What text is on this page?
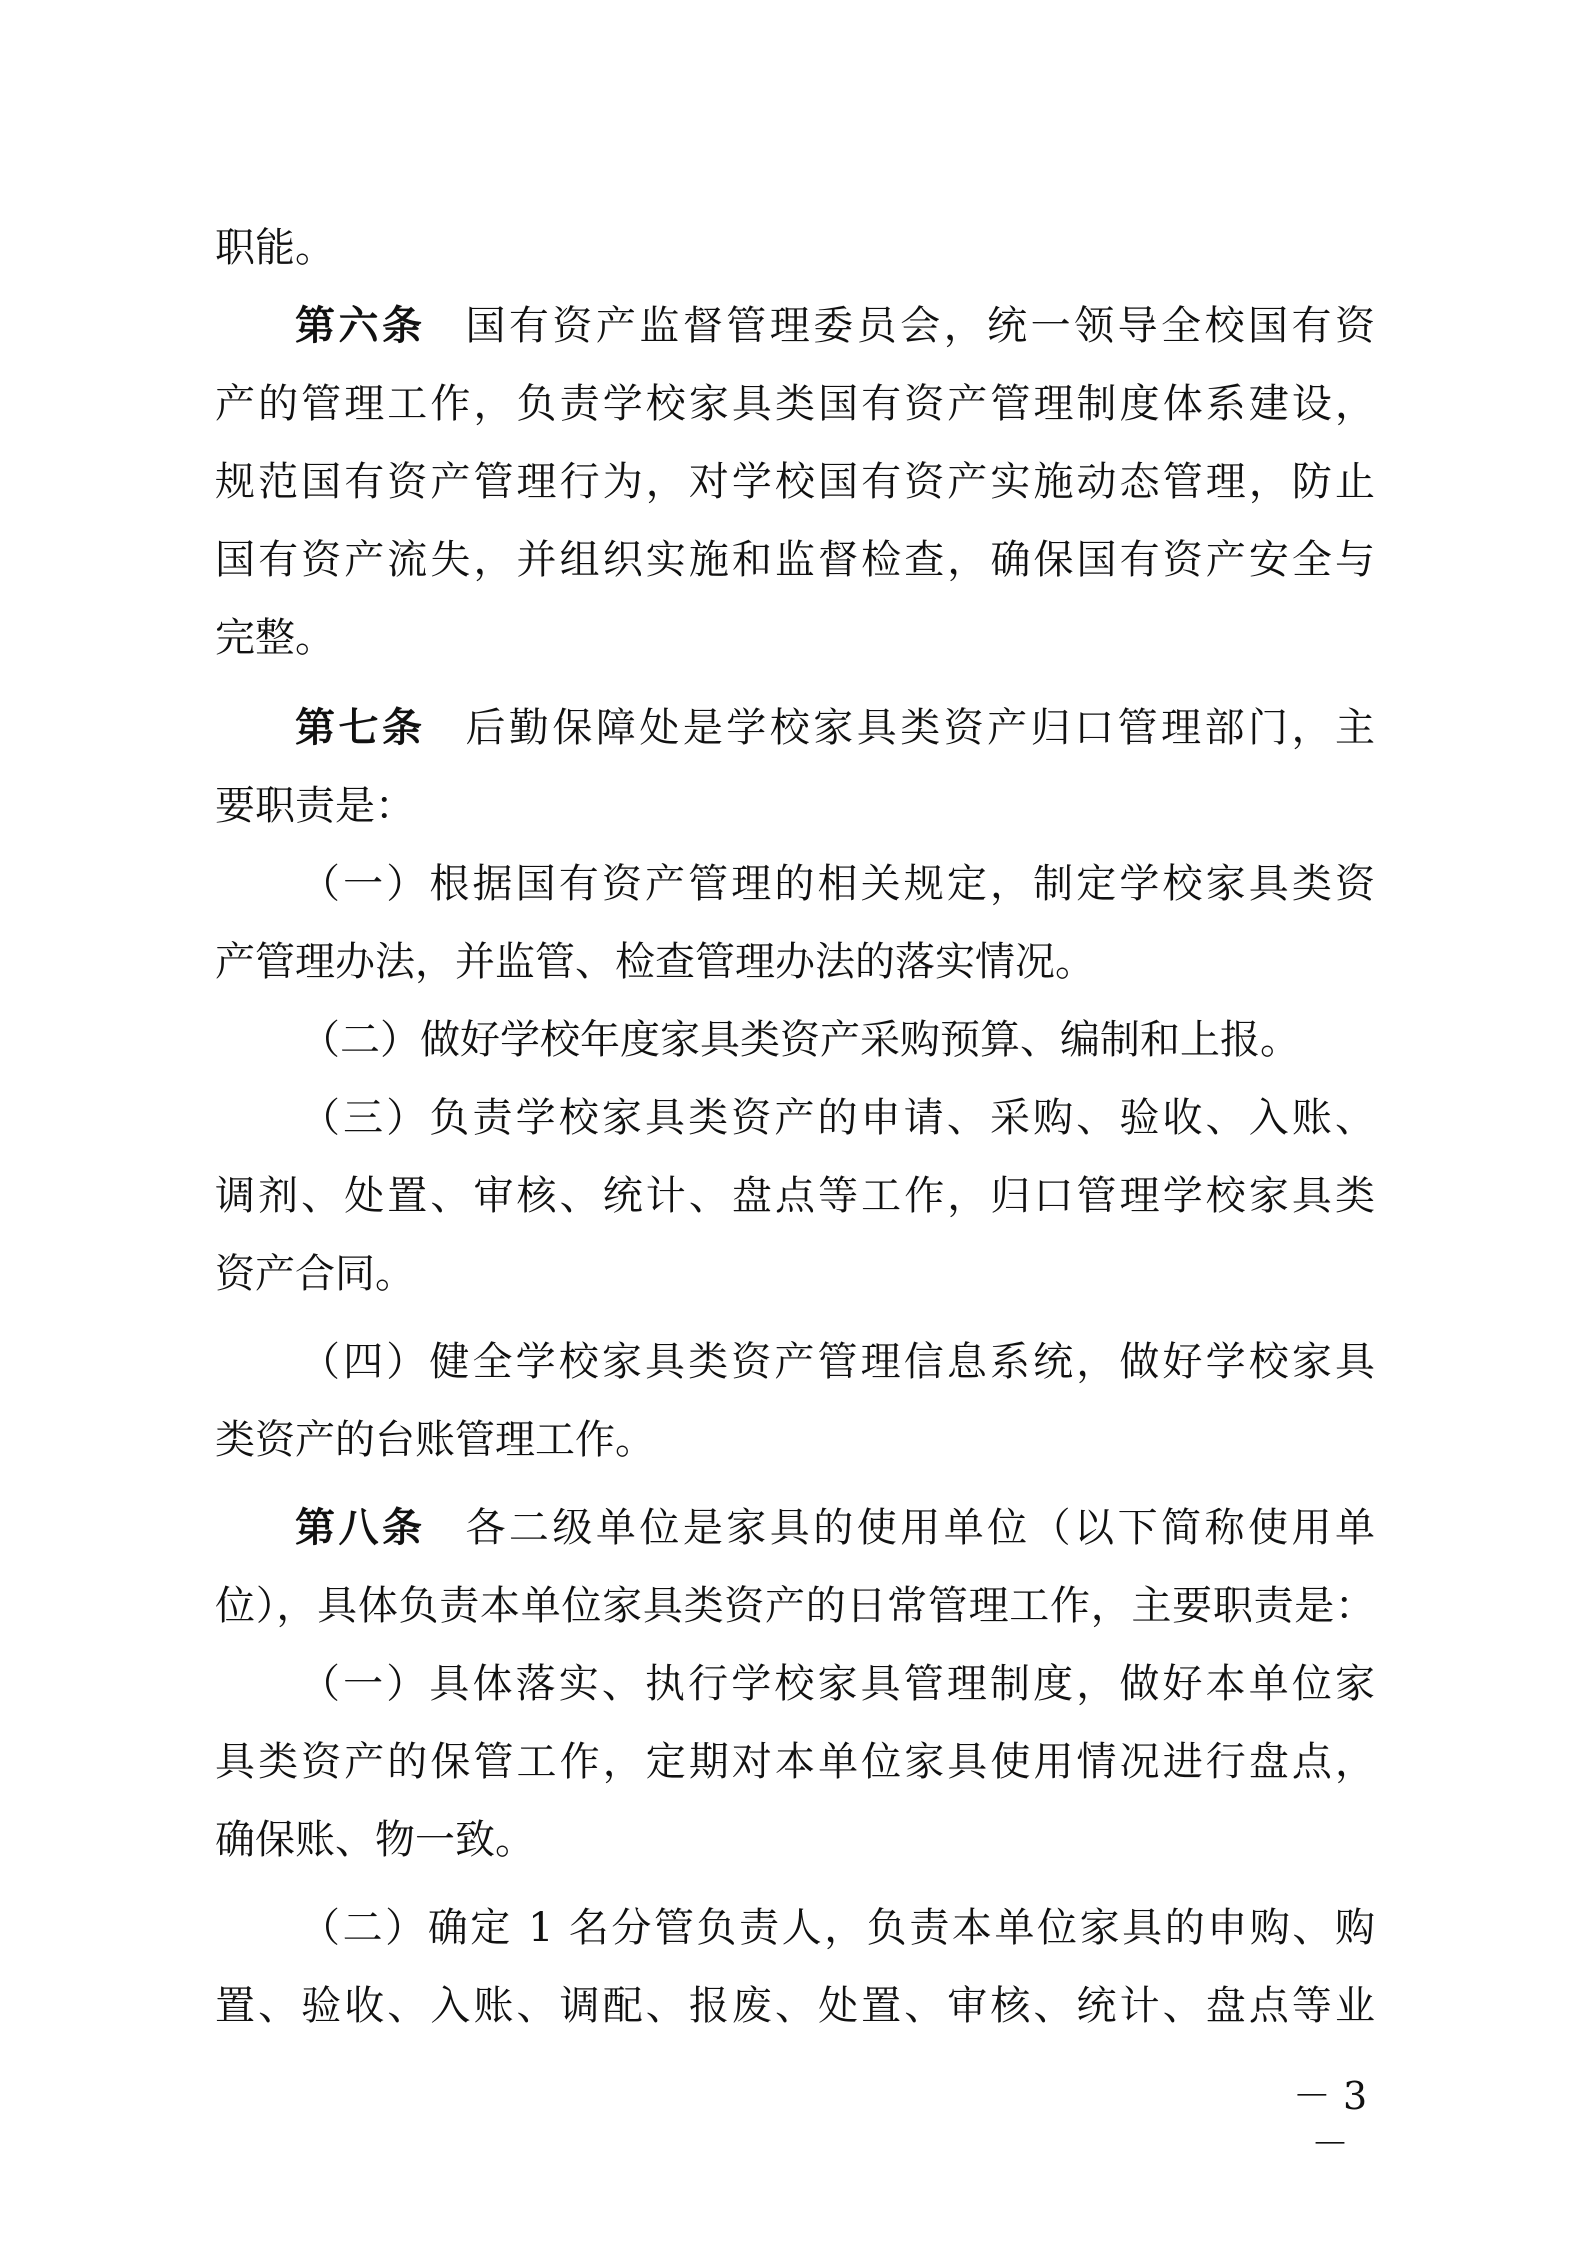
职能。
第六条 国有资产监督管理委员会，统一领导全校国有资
产的管理工作，负责学校家具类国有资产管理制度体系建设，
规范国有资产管理行为，对学校国有资产实施动态管理，防止
国有资产流失，并组织实施和监督检查，确保国有资产安全与
完整。
第七条 后勤保障处是学校家具类资产归口管理部门，主
要职责是：
（一）根据国有资产管理的相关规定，制定学校家具类资
产管理办法，并监管、检查管理办法的落实情况。
（二）做好学校年度家具类资产采购预算、编制和上报。
（三）负责学校家具类资产的申请、采购、验收、入账、
调剂、处置、审核、统计、盘点等工作，归口管理学校家具类
资产合同。
（四）健全学校家具类资产管理信息系统，做好学校家具
类资产的台账管理工作。
第八条 各二级单位是家具的使用单位（以下简称使用单
位），具体负责本单位家具类资产的日常管理工作，主要职责是：
（一）具体落实、执行学校家具管理制度，做好本单位家
具类资产的保管工作，定期对本单位家具使用情况进行盘点，
确保账、物一致。
（二）确定 1 名分管负责人，负责本单位家具的申购、购
置、验收、入账、调配、报废、处置、审核、统计、盘点等业
－ 3 －
